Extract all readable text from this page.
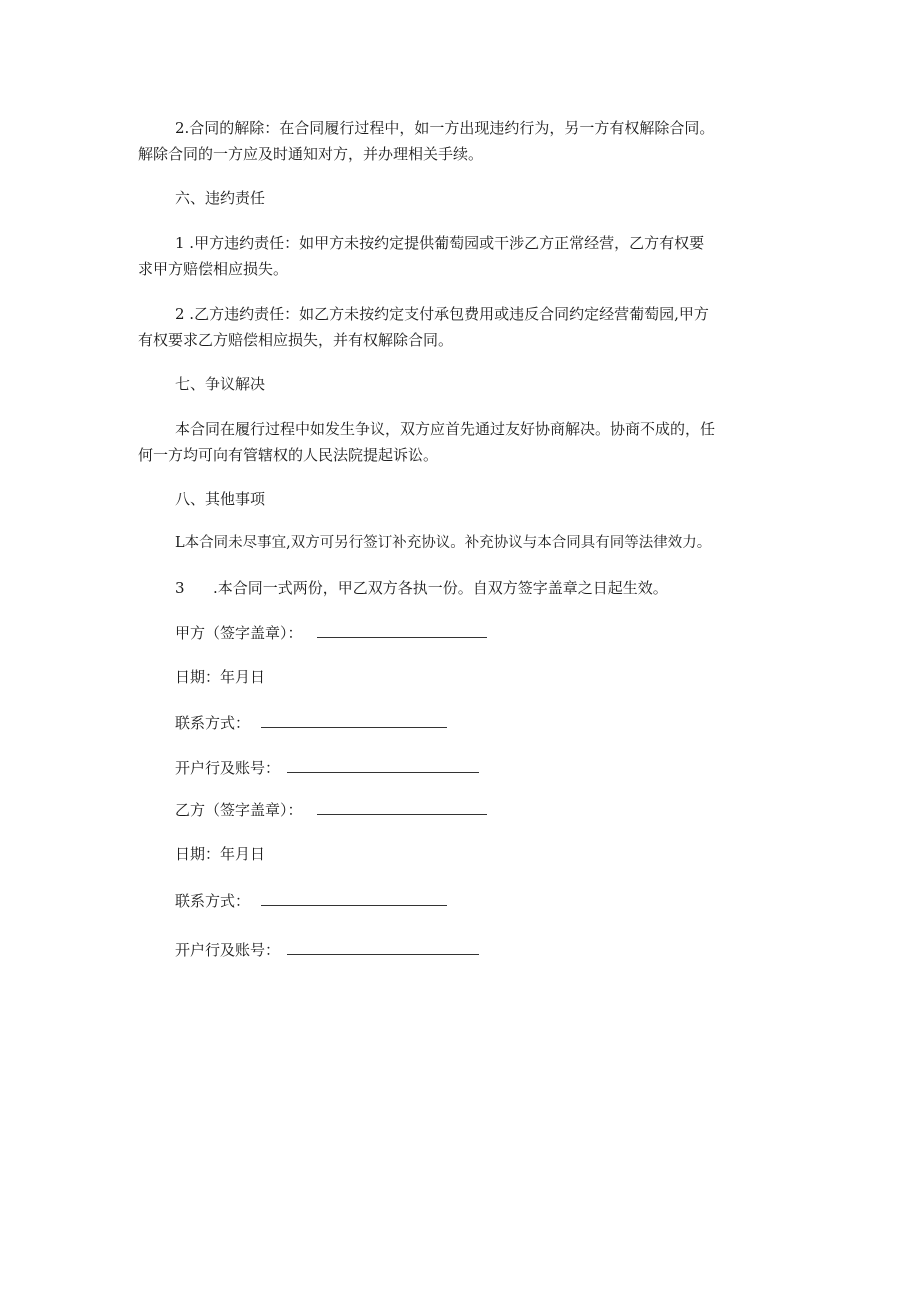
2.合同的解除：在合同履行过程中，如一方出现违约行为，另一方有权解除合同。
解除合同的一方应及时通知对方，并办理相关手续。
六、违约责任
1 .甲方违约责任：如甲方未按约定提供葡萄园或干涉乙方正常经营，乙方有权要
求甲方赔偿相应损失。
2 .乙方违约责任：如乙方未按约定支付承包费用或违反合同约定经营葡萄园,甲方
有权要求乙方赔偿相应损失，并有权解除合同。
七、争议解决
本合同在履行过程中如发生争议，双方应首先通过友好协商解决。协商不成的，任
何一方均可向有管辖权的人民法院提起诉讼。
八、其他事项
L本合同未尽事宜,双方可另行签订补充协议。补充协议与本合同具有同等法律效力。
3 .本合同一式两份，甲乙双方各执一份。自双方签字盖章之日起生效。
甲方（签字盖章）：
日期：年月日
联系方式：
开户行及账号：
乙方（签字盖章）：
日期：年月日
联系方式：
开户行及账号：
